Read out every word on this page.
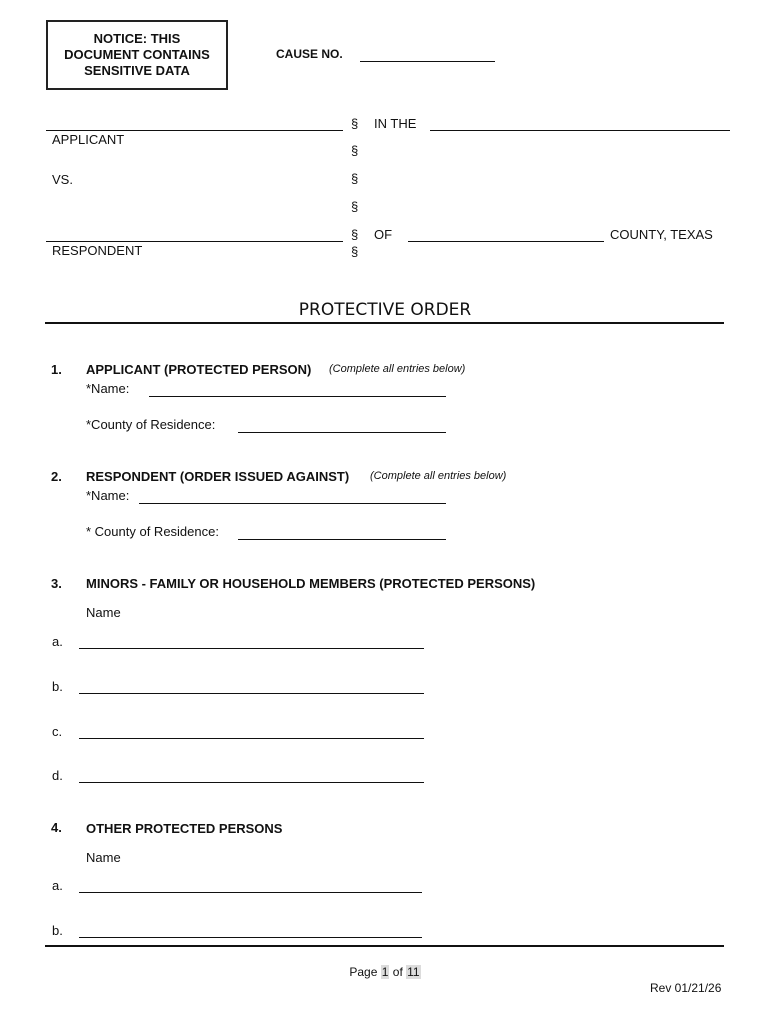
NOTICE: THIS DOCUMENT CONTAINS SENSITIVE DATA
CAUSE NO.
APPLICANT
VS.
RESPONDENT
§
§
§
§
§
§
IN THE
OF	COUNTY, TEXAS
PROTECTIVE ORDER
1. APPLICANT (PROTECTED PERSON) (Complete all entries below)
*Name:
*County of Residence:
2. RESPONDENT (ORDER ISSUED AGAINST) (Complete all entries below)
*Name:
* County of Residence:
3. MINORS - FAMILY OR HOUSEHOLD MEMBERS (PROTECTED PERSONS)
Name
a.
b.
c.
d.
4. OTHER PROTECTED PERSONS
Name
a.
b.
Page 1 of 11
Rev 01/21/26
